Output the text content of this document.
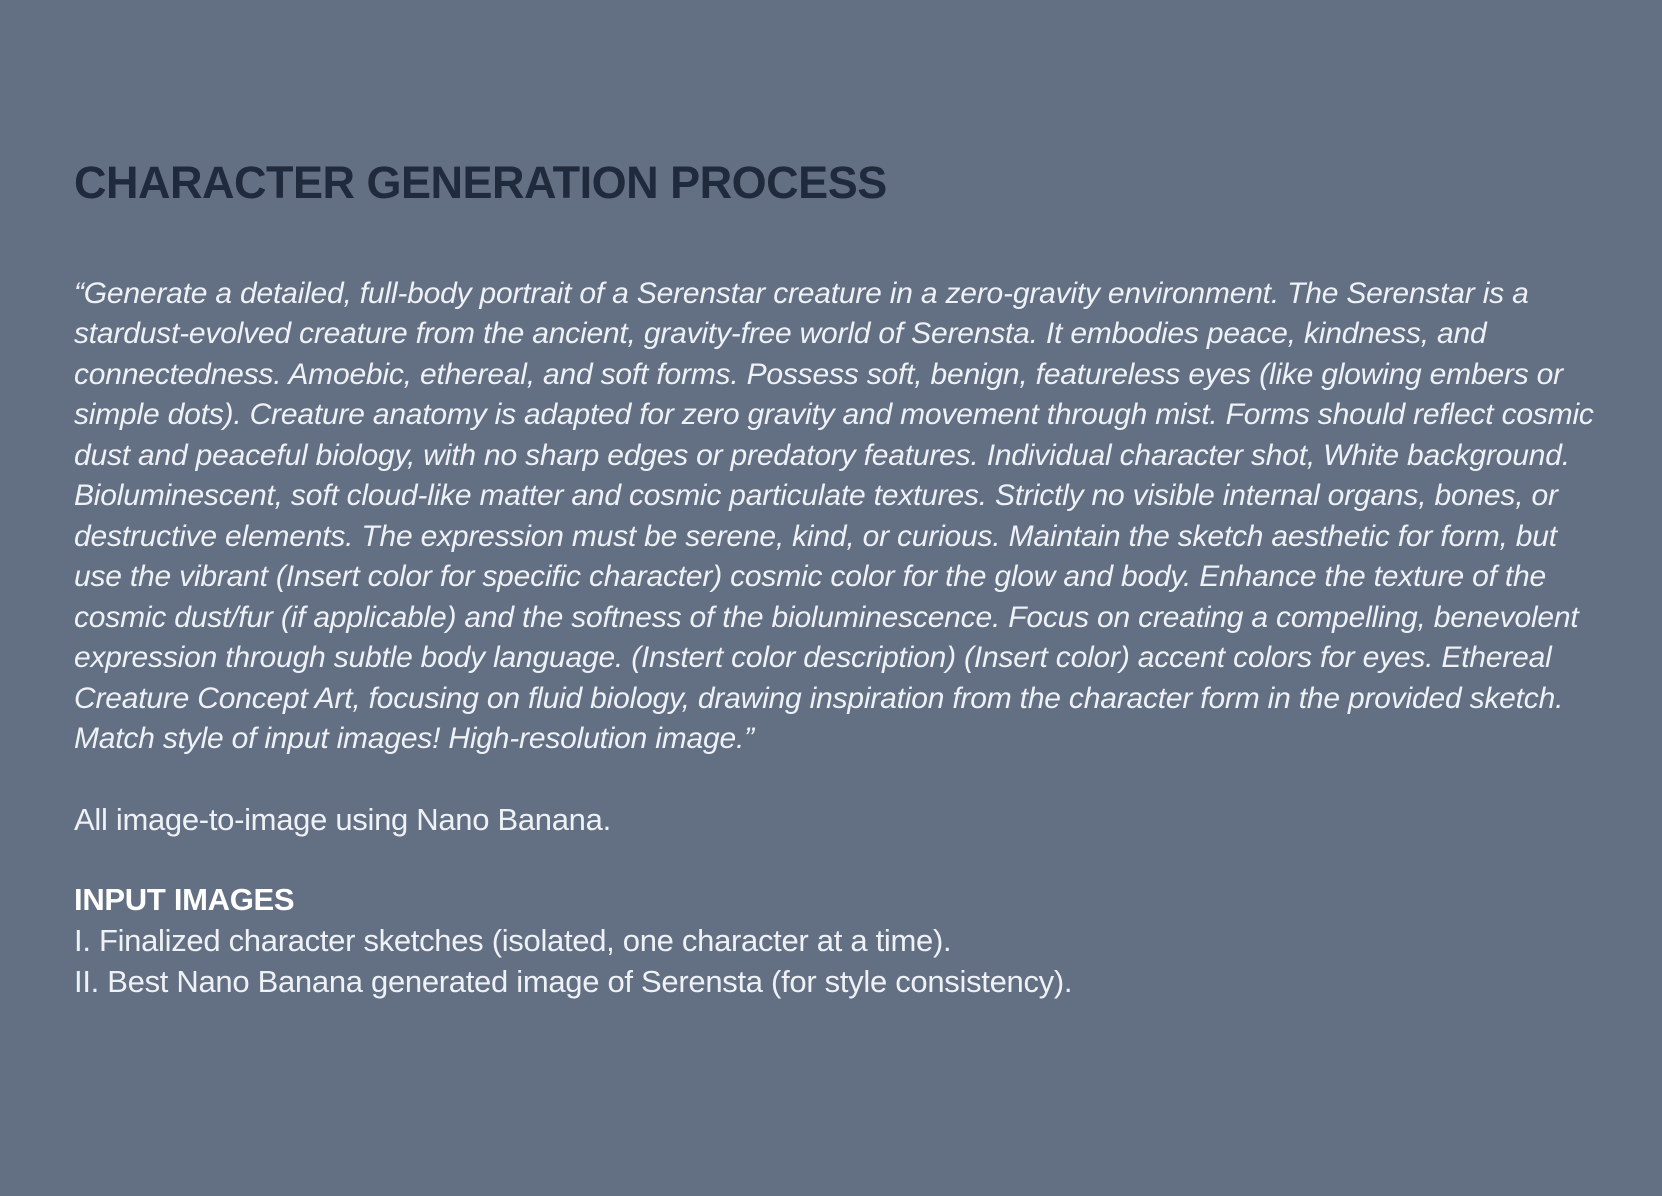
CHARACTER GENERATION PROCESS

“Generate a detailed, full-body portrait of a Serenstar creature in a zero-gravity environment. The Serenstar is a stardust-evolved creature from the ancient, gravity-free world of Serensta. It embodies peace, kindness, and connectedness. Amoebic, ethereal, and soft forms. Possess soft, benign, featureless eyes (like glowing embers or simple dots). Creature anatomy is adapted for zero gravity and movement through mist. Forms should reflect cosmic dust and peaceful biology, with no sharp edges or predatory features. Individual character shot, White background. Bioluminescent, soft cloud-like matter and cosmic particulate textures. Strictly no visible internal organs, bones, or destructive elements. The expression must be serene, kind, or curious. Maintain the sketch aesthetic for form, but use the vibrant (Insert color for specific character) cosmic color for the glow and body. Enhance the texture of the cosmic dust/fur (if applicable) and the softness of the bioluminescence. Focus on creating a compelling, benevolent expression through subtle body language. (Instert color description) (Insert color) accent colors for eyes. Ethereal Creature Concept Art, focusing on fluid biology, drawing inspiration from the character form in the provided sketch. Match style of input images! High-resolution image.”

All image-to-image using Nano Banana.

INPUT IMAGES
I. Finalized character sketches (isolated, one character at a time).
II. Best Nano Banana generated image of Serensta (for style consistency).
